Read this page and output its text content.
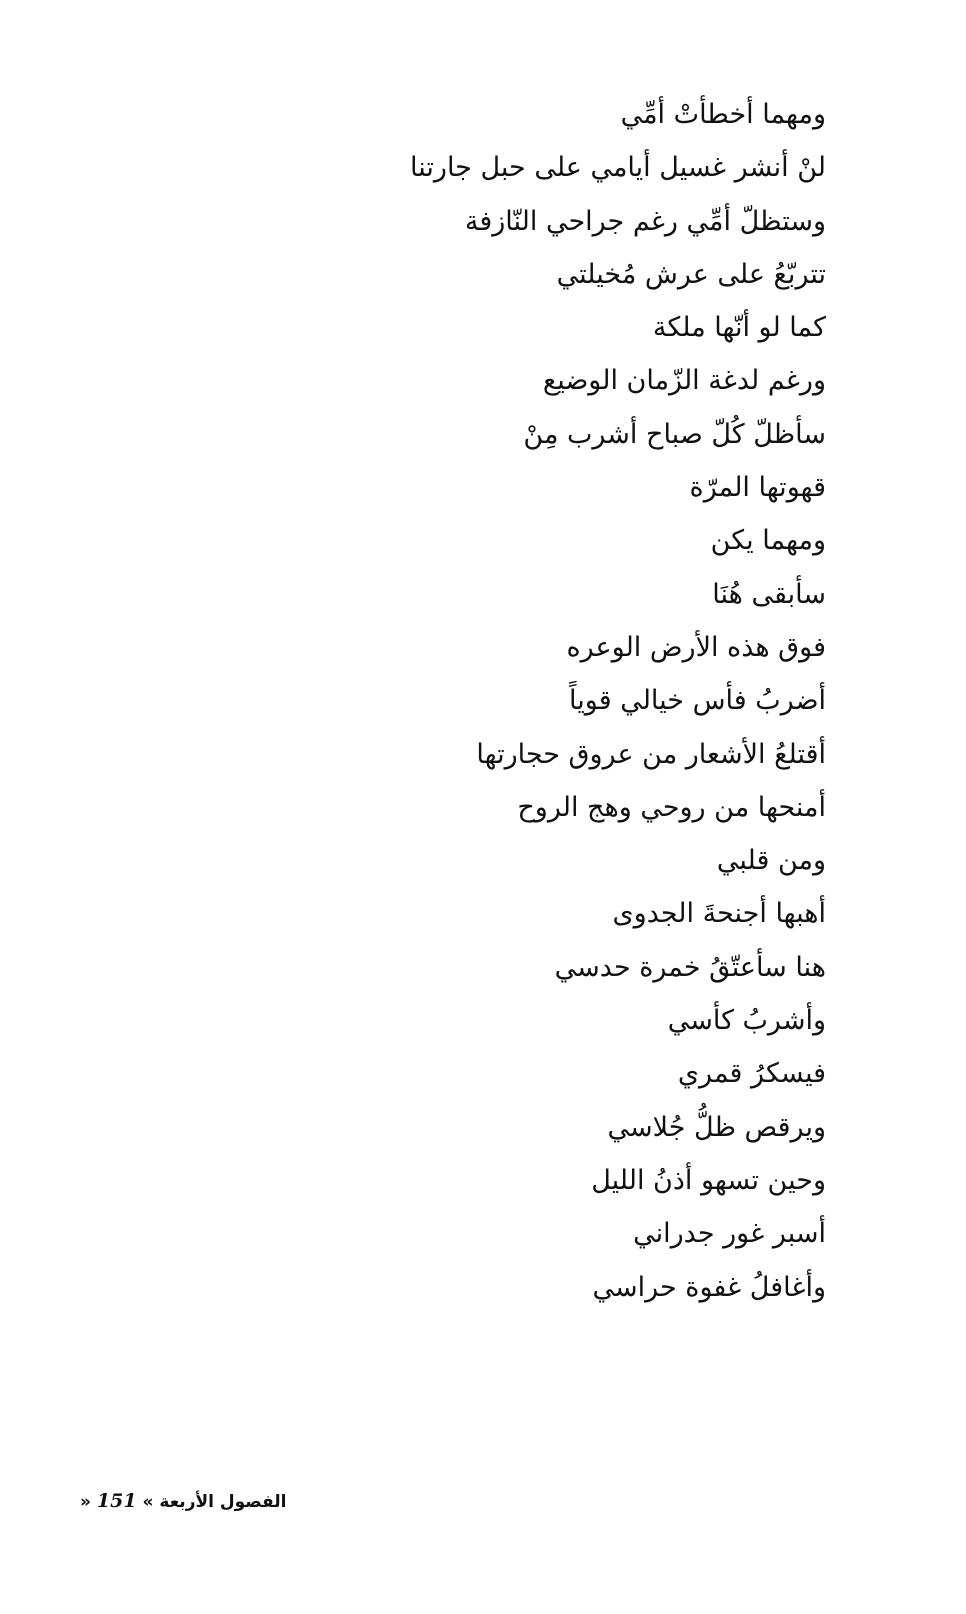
ومهما أخطأتْ أمِّي
لنْ أنشر غسيل أيامي على حبل جارتنا
وستظلّ أمِّي رغم جراحي النّازفة
تتربّعُ على عرش مُخيلتي
كما لو أنّها ملكة
ورغم لدغة الزّمان الوضيع
سأظلّ كُلّ صباح أشرب مِنْ
قهوتها المرّة
ومهما يكن
سأبقى هُنَا
فوق هذه الأرض الوعره
أضربُ فأس خيالي قوياً
أقتلعُ الأشعار من عروق حجارتها
أمنحها من روحي وهج الروح
ومن قلبي
أهبها أجنحةَ الجدوى
هنا سأعتّقُ خمرة حدسي
وأشربُ كأسي
فيسكرُ قمري
ويرقص ظلُّ جُلاسي
وحين تسهو أذنُ الليل
أسبر غور جدراني
وأغافلُ غفوة حراسي
الفصول الأربعة » 151 «
